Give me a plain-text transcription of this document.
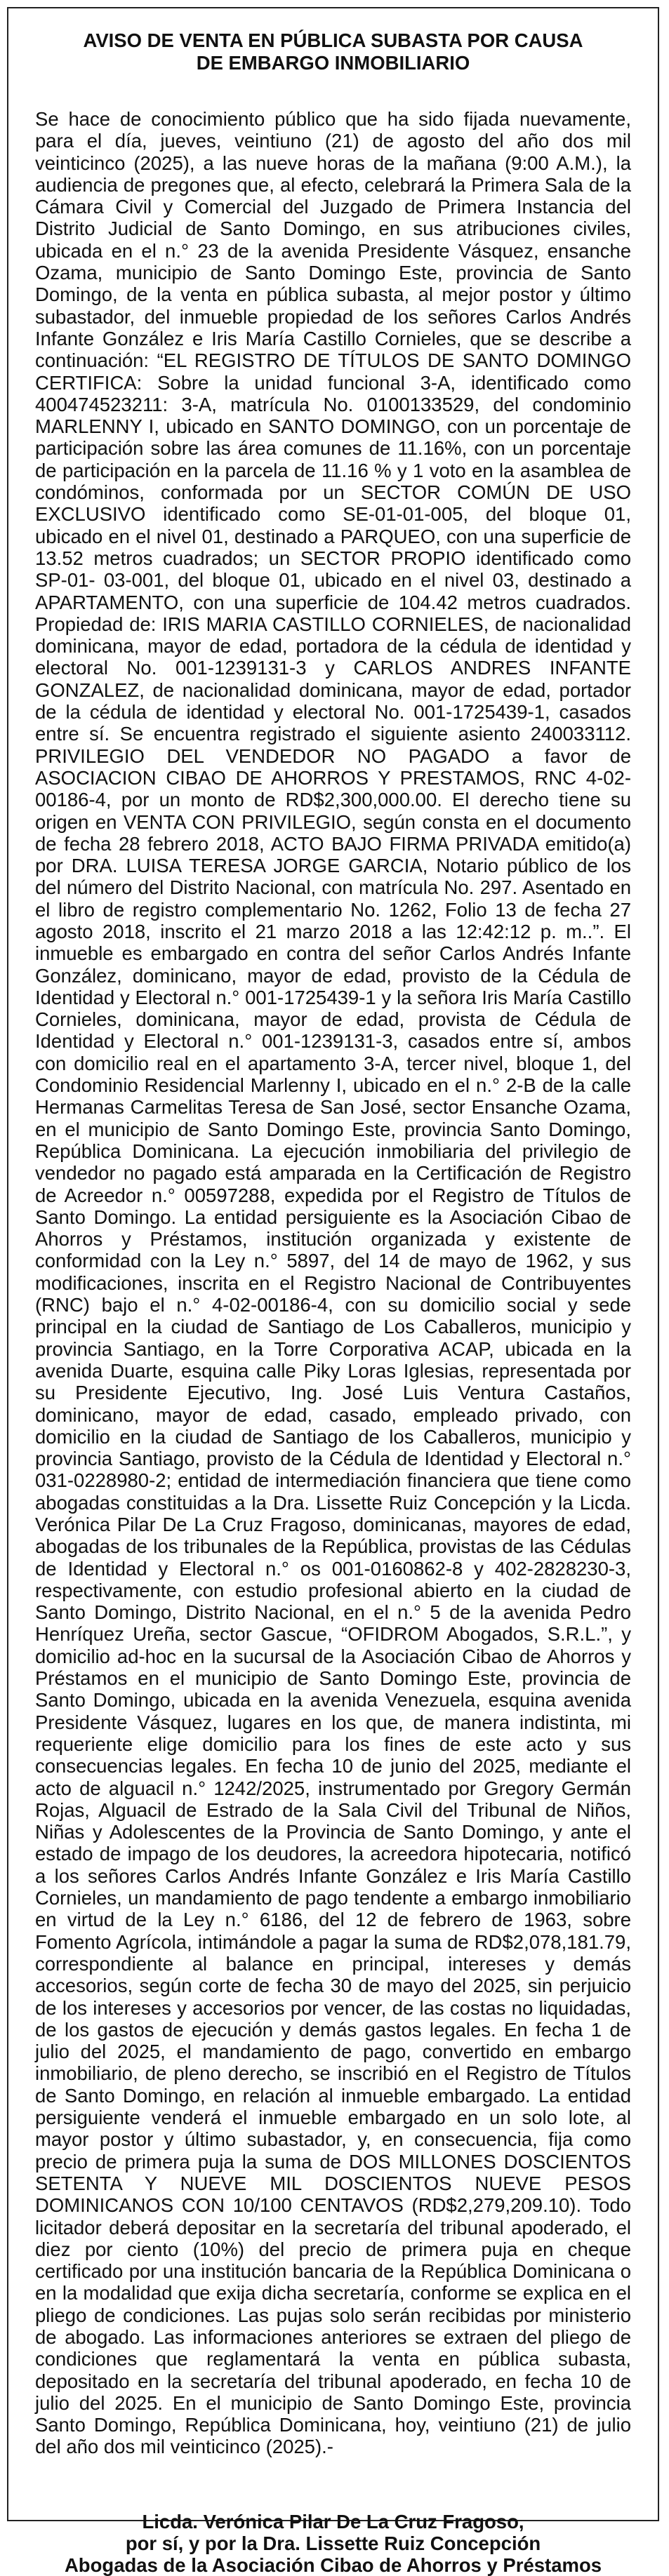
AVISO DE VENTA EN PÚBLICA SUBASTA POR CAUSA
DE EMBARGO INMOBILIARIO

Se hace de conocimiento público que ha sido fijada nuevamente, para el día, jueves, veintiuno (21) de agosto del año dos mil veinticinco (2025), a las nueve horas de la mañana (9:00 A.M.), la audiencia de pregones que, al efecto, celebrará la Primera Sala de la Cámara Civil y Comercial del Juzgado de Primera Instancia del Distrito Judicial de Santo Domingo, en sus atribuciones civiles, ubicada en el n.° 23 de la avenida Presidente Vásquez, ensanche Ozama, municipio de Santo Domingo Este, provincia de Santo Domingo, de la venta en pública subasta, al mejor postor y último subastador, del inmueble propiedad de los señores Carlos Andrés Infante González e Iris María Castillo Cornieles, que se describe a continuación: “EL REGISTRO DE TÍTULOS DE SANTO DOMINGO CERTIFICA: Sobre la unidad funcional 3-A, identificado como 400474523211: 3-A, matrícula No. 0100133529, del condominio MARLENNY I, ubicado en SANTO DOMINGO, con un porcentaje de participación sobre las área comunes de 11.16%, con un porcentaje de participación en la parcela de 11.16 % y 1 voto en la asamblea de condóminos, conformada por un SECTOR COMÚN DE USO EXCLUSIVO identificado como SE-01-01-005, del bloque 01, ubicado en el nivel 01, destinado a PARQUEO, con una superficie de 13.52 metros cuadrados; un SECTOR PROPIO identificado como SP-01- 03-001, del bloque 01, ubicado en el nivel 03, destinado a APARTAMENTO, con una superficie de 104.42 metros cuadrados. Propiedad de: IRIS MARIA CASTILLO CORNIELES, de nacionalidad dominicana, mayor de edad, portadora de la cédula de identidad y electoral No. 001-1239131-3 y CARLOS ANDRES INFANTE GONZALEZ, de nacionalidad dominicana, mayor de edad, portador de la cédula de identidad y electoral No. 001-1725439-1, casados entre sí. Se encuentra registrado el siguiente asiento 240033112. PRIVILEGIO DEL VENDEDOR NO PAGADO a favor de ASOCIACION CIBAO DE AHORROS Y PRESTAMOS, RNC 4-02-00186-4, por un monto de RD$2,300,000.00. El derecho tiene su origen en VENTA CON PRIVILEGIO, según consta en el documento de fecha 28 febrero 2018, ACTO BAJO FIRMA PRIVADA emitido(a) por DRA. LUISA TERESA JORGE GARCIA, Notario público de los del número del Distrito Nacional, con matrícula No. 297. Asentado en el libro de registro complementario No. 1262, Folio 13 de fecha 27 agosto 2018, inscrito el 21 marzo 2018 a las 12:42:12 p. m..”. El inmueble es embargado en contra del señor Carlos Andrés Infante González, dominicano, mayor de edad, provisto de la Cédula de Identidad y Electoral n.° 001-1725439-1 y la señora Iris María Castillo Cornieles, dominicana, mayor de edad, provista de Cédula de Identidad y Electoral n.° 001-1239131-3, casados entre sí, ambos con domicilio real en el apartamento 3-A, tercer nivel, bloque 1, del Condominio Residencial Marlenny I, ubicado en el n.° 2-B de la calle Hermanas Carmelitas Teresa de San José, sector Ensanche Ozama, en el municipio de Santo Domingo Este, provincia Santo Domingo, República Dominicana. La ejecución inmobiliaria del privilegio de vendedor no pagado está amparada en la Certificación de Registro de Acreedor n.° 00597288, expedida por el Registro de Títulos de Santo Domingo. La entidad persiguiente es la Asociación Cibao de Ahorros y Préstamos, institución organizada y existente de conformidad con la Ley n.° 5897, del 14 de mayo de 1962, y sus modificaciones, inscrita en el Registro Nacional de Contribuyentes (RNC) bajo el n.° 4-02-00186-4, con su domicilio social y sede principal en la ciudad de Santiago de Los Caballeros, municipio y provincia Santiago, en la Torre Corporativa ACAP, ubicada en la avenida Duarte, esquina calle Piky Loras Iglesias, representada por su Presidente Ejecutivo, Ing. José Luis Ventura Castaños, dominicano, mayor de edad, casado, empleado privado, con domicilio en la ciudad de Santiago de los Caballeros, municipio y provincia Santiago, provisto de la Cédula de Identidad y Electoral n.° 031-0228980-2; entidad de intermediación financiera que tiene como abogadas constituidas a la Dra. Lissette Ruiz Concepción y la Licda. Verónica Pilar De La Cruz Fragoso, dominicanas, mayores de edad, abogadas de los tribunales de la República, provistas de las Cédulas de Identidad y Electoral n.° os 001-0160862-8 y 402-2828230-3, respectivamente, con estudio profesional abierto en la ciudad de Santo Domingo, Distrito Nacional, en el n.° 5 de la avenida Pedro Henríquez Ureña, sector Gascue, “OFIDROM Abogados, S.R.L.”, y domicilio ad-hoc en la sucursal de la Asociación Cibao de Ahorros y Préstamos en el municipio de Santo Domingo Este, provincia de Santo Domingo, ubicada en la avenida Venezuela, esquina avenida Presidente Vásquez, lugares en los que, de manera indistinta, mi requeriente elige domicilio para los fines de este acto y sus consecuencias legales. En fecha 10 de junio del 2025, mediante el acto de alguacil n.° 1242/2025, instrumentado por Gregory Germán Rojas, Alguacil de Estrado de la Sala Civil del Tribunal de Niños, Niñas y Adolescentes de la Provincia de Santo Domingo, y ante el estado de impago de los deudores, la acreedora hipotecaria, notificó a los señores Carlos Andrés Infante González e Iris María Castillo Cornieles, un mandamiento de pago tendente a embargo inmobiliario en virtud de la Ley n.° 6186, del 12 de febrero de 1963, sobre Fomento Agrícola, intimándole a pagar la suma de RD$2,078,181.79, correspondiente al balance en principal, intereses y demás accesorios, según corte de fecha 30 de mayo del 2025, sin perjuicio de los intereses y accesorios por vencer, de las costas no liquidadas, de los gastos de ejecución y demás gastos legales. En fecha 1 de julio del 2025, el mandamiento de pago, convertido en embargo inmobiliario, de pleno derecho, se inscribió en el Registro de Títulos de Santo Domingo, en relación al inmueble embargado. La entidad persiguiente venderá el inmueble embargado en un solo lote, al mayor postor y último subastador, y, en consecuencia, fija como precio de primera puja la suma de DOS MILLONES DOSCIENTOS SETENTA Y NUEVE MIL DOSCIENTOS NUEVE PESOS DOMINICANOS CON 10/100 CENTAVOS (RD$2,279,209.10). Todo licitador deberá depositar en la secretaría del tribunal apoderado, el diez por ciento (10%) del precio de primera puja en cheque certificado por una institución bancaria de la República Dominicana o en la modalidad que exija dicha secretaría, conforme se explica en el pliego de condiciones. Las pujas solo serán recibidas por ministerio de abogado. Las informaciones anteriores se extraen del pliego de condiciones que reglamentará la venta en pública subasta, depositado en la secretaría del tribunal apoderado, en fecha 10 de julio del 2025. En el municipio de Santo Domingo Este, provincia Santo Domingo, República Dominicana, hoy, veintiuno (21) de julio del año dos mil veinticinco (2025).-

Licda. Verónica Pilar De La Cruz Fragoso,
por sí, y por la Dra. Lissette Ruiz Concepción
Abogadas de la Asociación Cibao de Ahorros y Préstamos
